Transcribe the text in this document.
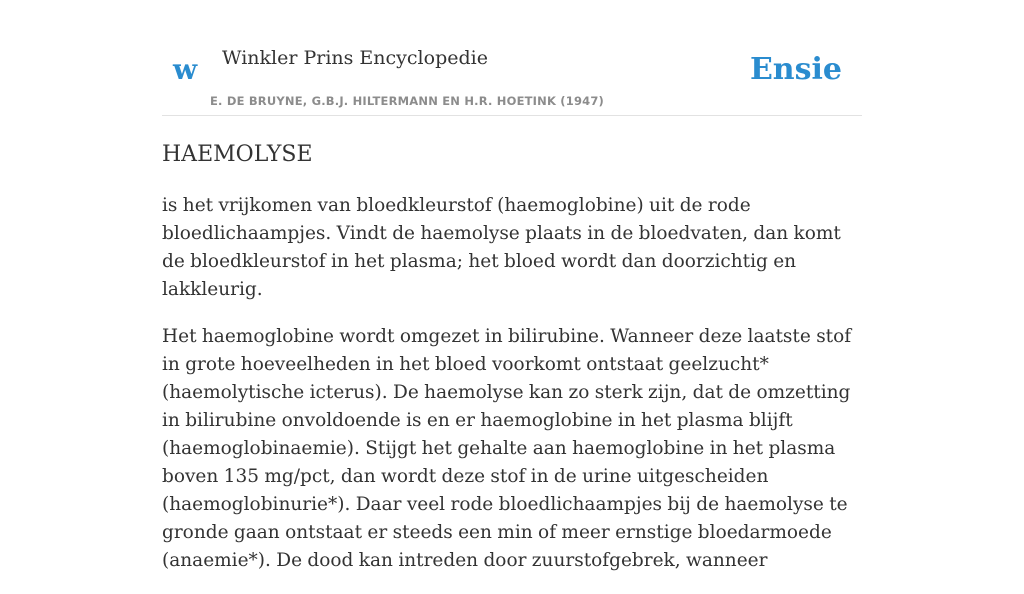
w Winkler Prins Encyclopedie
E. DE BRUYNE, G.B.J. HILTERMANN EN H.R. HOETINK (1947)
Ensie
HAEMOLYSE

is het vrijkomen van bloedkleurstof (haemoglobine) uit de rode bloedlichaampjes. Vindt de haemolyse plaats in de bloedvaten, dan komt de bloedkleurstof in het plasma; het bloed wordt dan doorzichtig en lakkleurig.

Het haemoglobine wordt omgezet in bilirubine. Wanneer deze laatste stof in grote hoeveelheden in het bloed voorkomt ontstaat geelzucht* (haemolytische icterus). De haemolyse kan zo sterk zijn, dat de omzetting in bilirubine onvoldoende is en er haemoglobine in het plasma blijft (haemoglobinaemie). Stijgt het gehalte aan haemoglobine in het plasma boven 135 mg/pct, dan wordt deze stof in de urine uitgescheiden (haemoglobinurie*). Daar veel rode bloedlichaampjes bij de haemolyse te gronde gaan ontstaat er steeds een min of meer ernstige bloedarmoede (anaemie*). De dood kan intreden door zuurstofgebrek, wanneer
